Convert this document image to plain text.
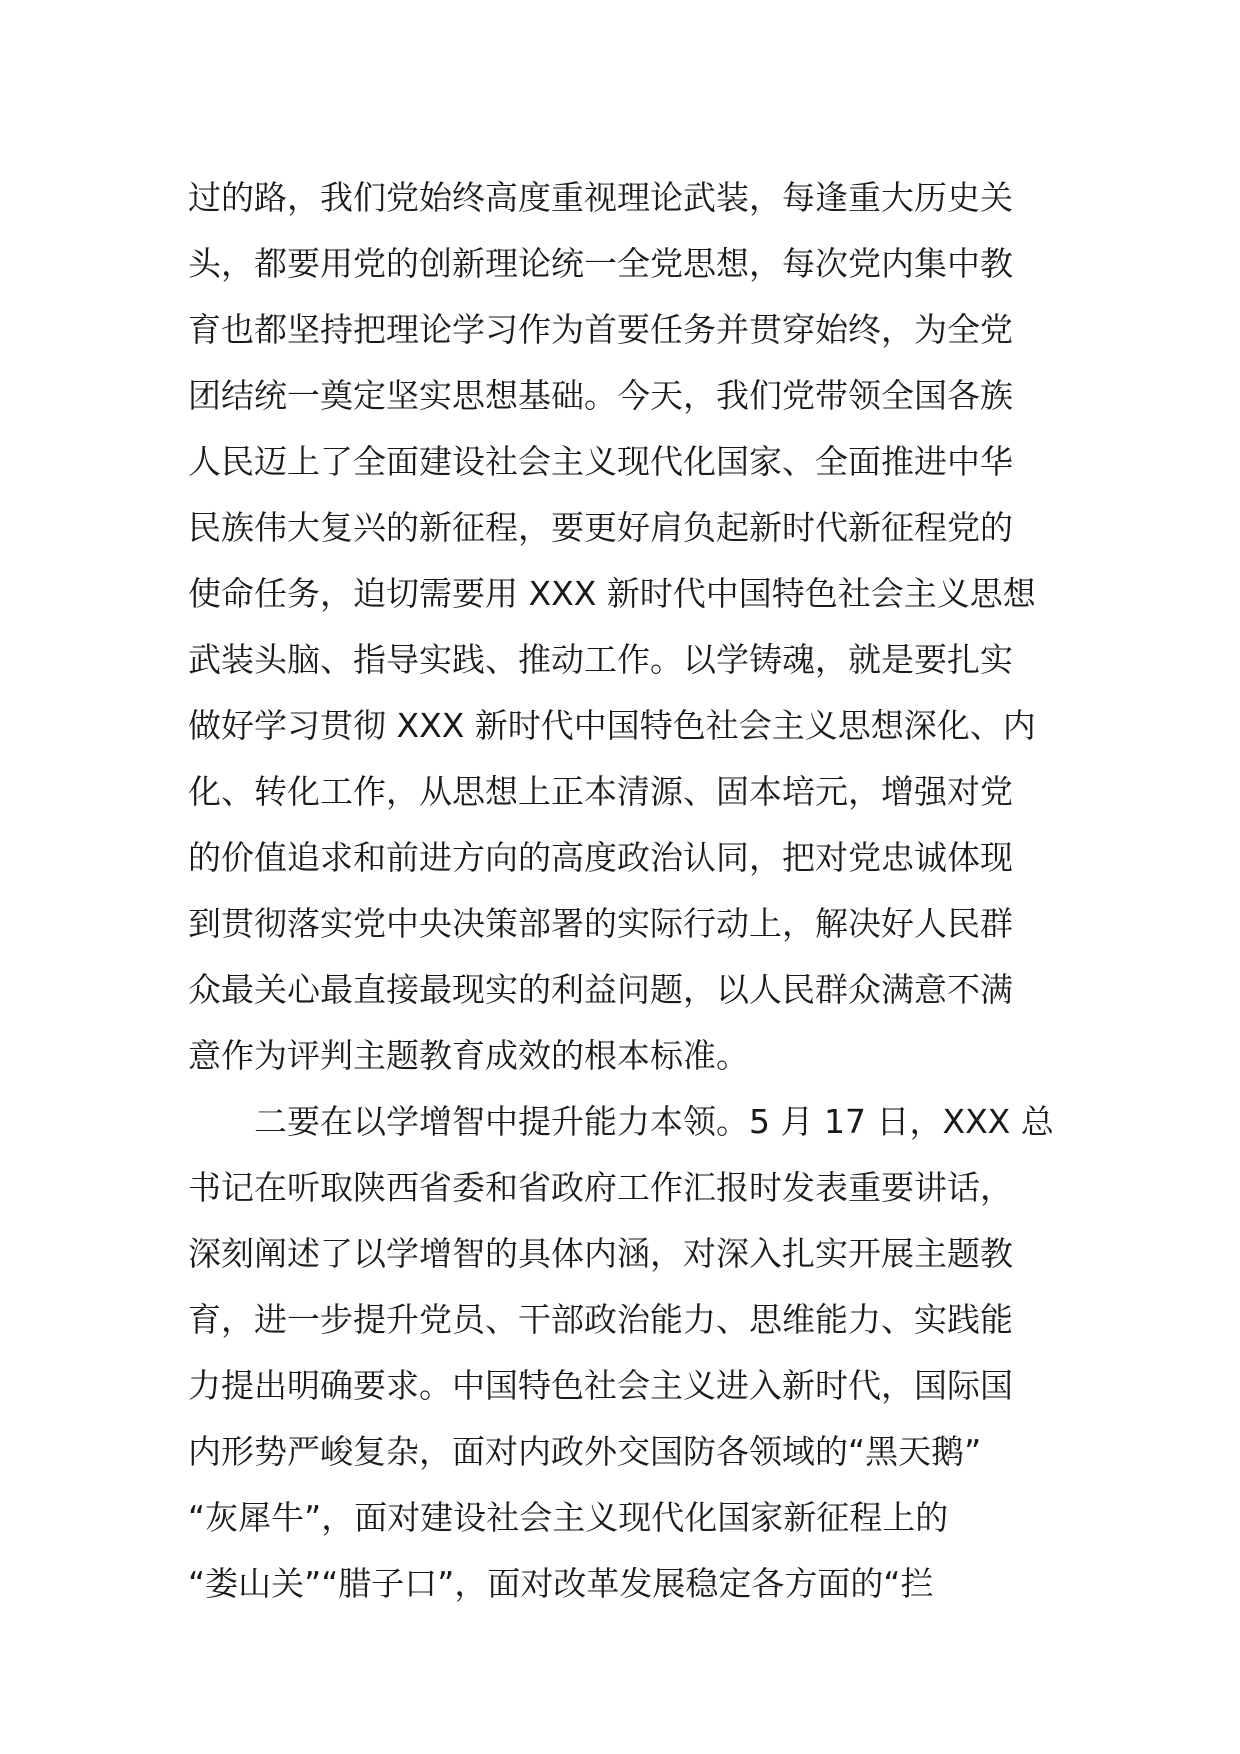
过的路，我们党始终高度重视理论武装，每逢重大历史关
头，都要用党的创新理论统一全党思想，每次党内集中教
育也都坚持把理论学习作为首要任务并贯穿始终，为全党
团结统一奠定坚实思想基础。今天，我们党带领全国各族
人民迈上了全面建设社会主义现代化国家、全面推进中华
民族伟大复兴的新征程，要更好肩负起新时代新征程党的
使命任务，迫切需要用 XXX 新时代中国特色社会主义思想
武装头脑、指导实践、推动工作。以学铸魂，就是要扎实
做好学习贯彻 XXX 新时代中国特色社会主义思想深化、内
化、转化工作，从思想上正本清源、固本培元，增强对党
的价值追求和前进方向的高度政治认同，把对党忠诚体现
到贯彻落实党中央决策部署的实际行动上，解决好人民群
众最关心最直接最现实的利益问题，以人民群众满意不满
意作为评判主题教育成效的根本标准。
二要在以学增智中提升能力本领。5 月 17 日，XXX 总
书记在听取陕西省委和省政府工作汇报时发表重要讲话，
深刻阐述了以学增智的具体内涵，对深入扎实开展主题教
育，进一步提升党员、干部政治能力、思维能力、实践能
力提出明确要求。中国特色社会主义进入新时代，国际国
内形势严峻复杂，面对内政外交国防各领域的“黑天鹅”
“灰犀牛”，面对建设社会主义现代化国家新征程上的
“娄山关”“腊子口”，面对改革发展稳定各方面的“拦
